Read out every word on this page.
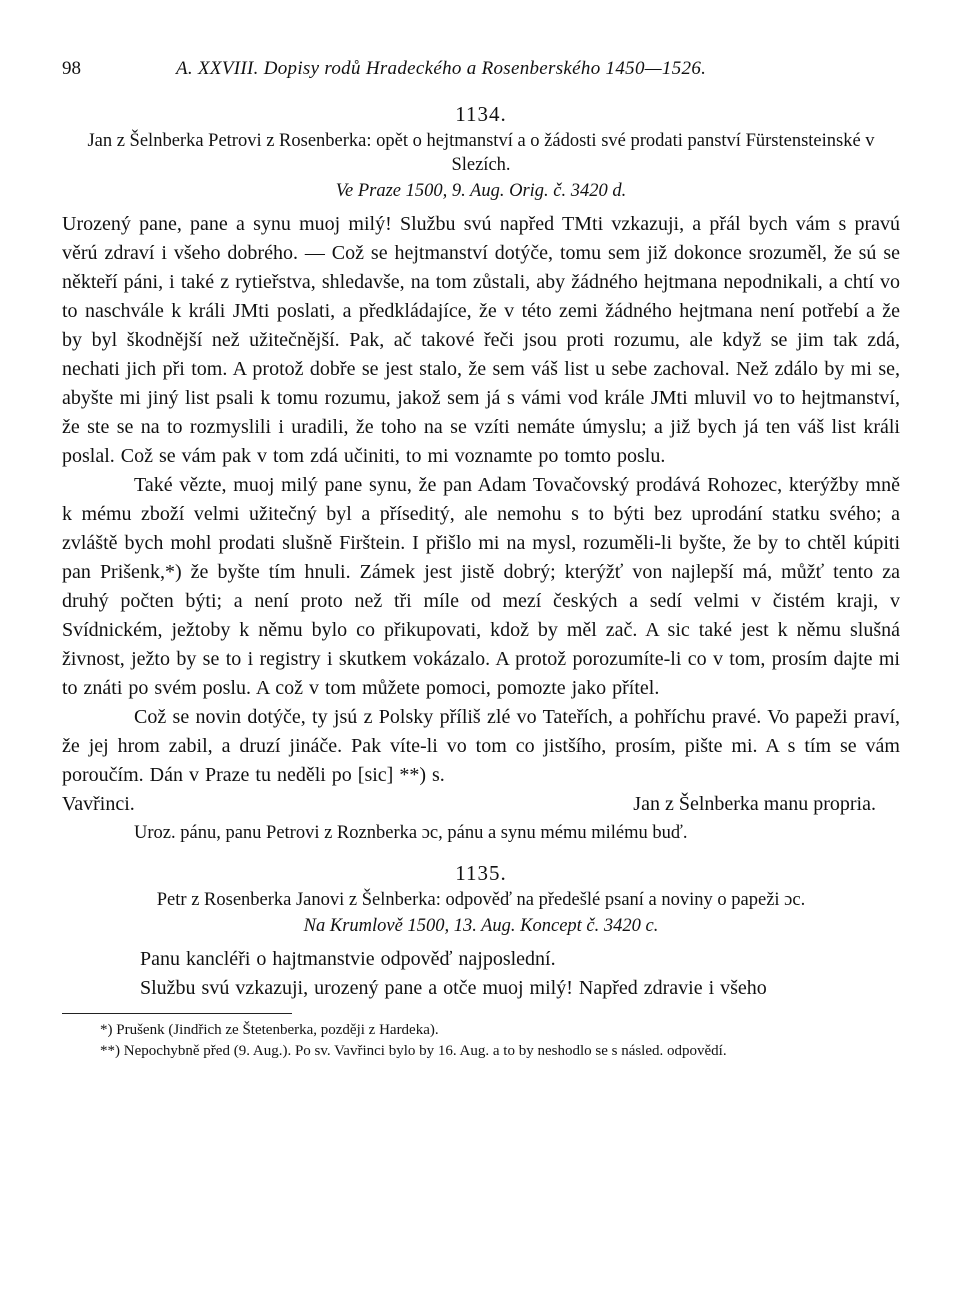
98	A. XXVIII. Dopisy rodů Hradeckého a Rosenberského 1450—1526.
1134.
Jan z Šelnberka Petrovi z Rosenberka: opět o hejtmanství a o žádosti své prodati panství Fürstensteinské v Slezích.
Ve Praze 1500, 9. Aug. Orig. č. 3420 d.

Urozený pane, pane a synu muoj milý! Službu svú napřed TMti vzkazuji, a přál bych vám s pravú věrú zdraví i všeho dobrého. — Což se hejtmanství dotýče, tomu sem již dokonce srozuměl, že sú se někteří páni, i také z rytieřstva, shledavše, na tom zůstali, aby žádného hejtmana nepodnikali, a chtí vo to naschvále k králi JMti poslati, a předkládajíce, že v této zemi žádného hejtmana není potřebí a že by byl škodnější než užitečnější. Pak, ač takové řeči jsou proti rozumu, ale když se jim tak zdá, nechati jich při tom. A protož dobře se jest stalo, že sem váš list u sebe zachoval. Než zdálo by mi se, abyšte mi jiný list psali k tomu rozumu, jakož sem já s vámi vod krále JMti mluvil vo to hejtmanství, že ste se na to rozmyslili i uradili, že toho na se vzíti nemáte úmyslu; a již bych já ten váš list králi poslal. Což se vám pak v tom zdá učiniti, to mi voznamte po tomto poslu.

Také vězte, muoj milý pane synu, že pan Adam Tovačovský prodává Rohozec, kterýžby mně k mému zboží velmi užitečný byl a příseditý, ale nemohu s to býti bez uprodání statku svého; a zvláště bych mohl prodati slušně Firštein. I přišlo mi na mysl, rozuměli-li byšte, že by to chtěl kúpiti pan Prišenk,*) že byšte tím hnuli. Zámek jest jistě dobrý; kterýžť von najlepší má, můžť tento za druhý počten býti; a není proto než tři míle od mezí českých a sedí velmi v čistém kraji, v Svídnickém, ježtoby k němu bylo co přikupovati, kdož by měl zač. A sic také jest k němu slušná živnost, ježto by se to i registry i skutkem vokázalo. A protož porozumíte-li co v tom, prosím dajte mi to znáti po svém poslu. A což v tom můžete pomoci, pomozte jako přítel.

Což se novin dotýče, ty jsú z Polsky příliš zlé vo Tateřích, a pohříchu pravé. Vo papeži praví, že jej hrom zabil, a druzí jináče. Pak víte-li vo tom co jistšího, prosím, pište mi. A s tím se vám poroučím. Dán v Praze tu neděli po [sic] **) s.

Vavřinci.	Jan z Šelnberka manu propria.
Uroz. pánu, panu Petrovi z Roznberka ɔc, pánu a synu mému milému buď.
1135.
Petr z Rosenberka Janovi z Šelnberka: odpověď na předešlé psaní a noviny o papeži ɔc.
Na Krumlově 1500, 13. Aug. Koncept č. 3420 c.

Panu kancléři o hajtmanstvie odpověď najposlední.

Službu svú vzkazuji, urozený pane a otče muoj milý! Napřed zdravie i všeho

*) Prušenk (Jindřich ze Štetenberka, později z Hardeka).
**) Nepochybně před (9. Aug.). Po sv. Vavřinci bylo by 16. Aug. a to by neshodlo se s násled. odpovědí.
